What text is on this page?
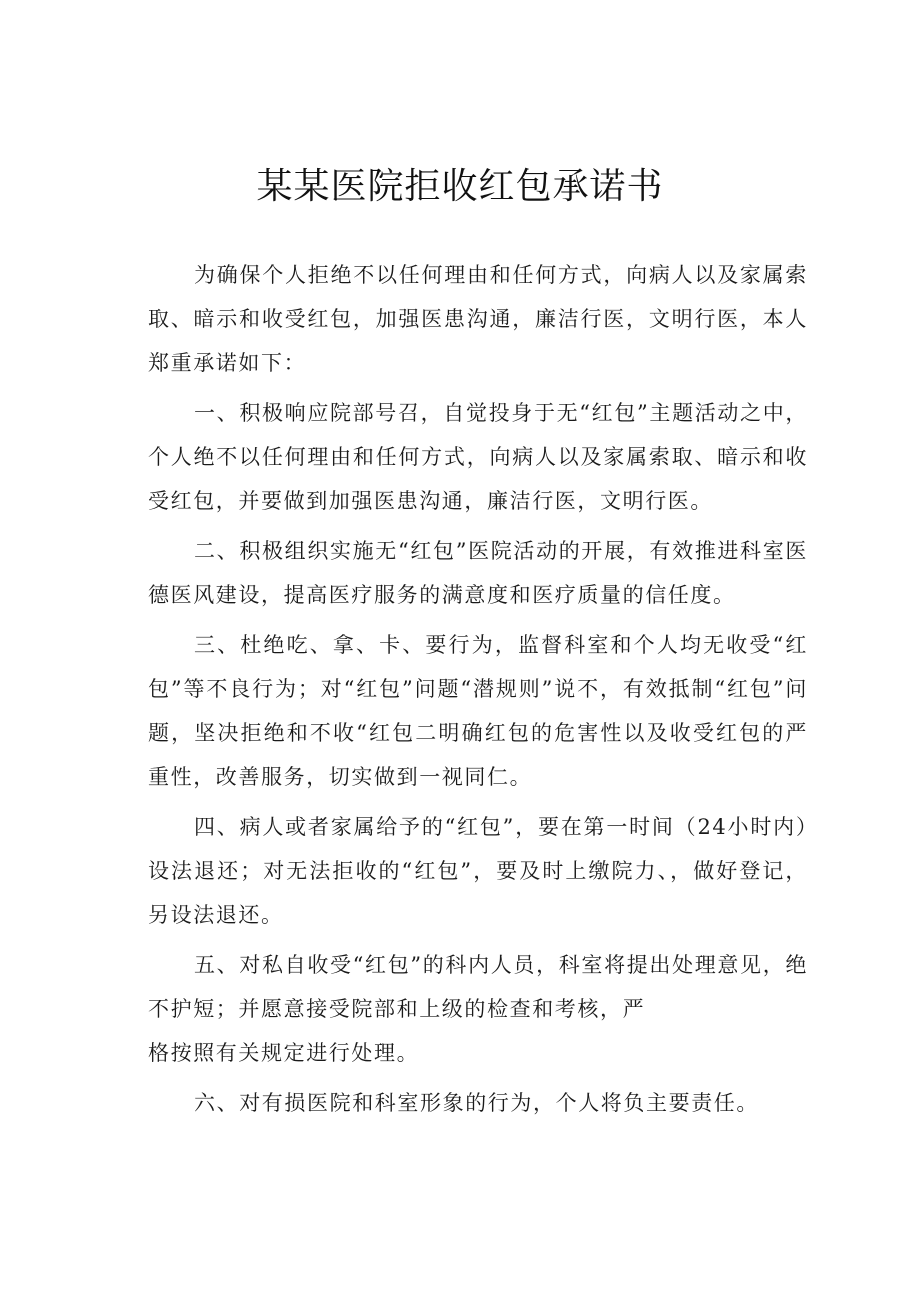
某某医院拒收红包承诺书

为确保个人拒绝不以任何理由和任何方式，向病人以及家属索取、暗示和收受红包，加强医患沟通，廉洁行医，文明行医，本人郑重承诺如下：

一、积极响应院部号召，自觉投身于无“红包”主题活动之中，个人绝不以任何理由和任何方式，向病人以及家属索取、暗示和收受红包，并要做到加强医患沟通，廉洁行医，文明行医。

二、积极组织实施无“红包”医院活动的开展，有效推进科室医德医风建设，提高医疗服务的满意度和医疗质量的信任度。

三、杜绝吃、拿、卡、要行为，监督科室和个人均无收受“红包”等不良行为；对“红包”问题“潜规则”说不，有效抵制“红包”问题，坚决拒绝和不收“红包二明确红包的危害性以及收受红包的严重性，改善服务，切实做到一视同仁。

四、病人或者家属给予的“红包”，要在第一时间（24小时内）设法退还；对无法拒收的“红包”，要及时上缴院力、，做好登记，另设法退还。

五、对私自收受“红包”的科内人员，科室将提出处理意见，绝不护短；并愿意接受院部和上级的检查和考核，严
格按照有关规定进行处理。

六、对有损医院和科室形象的行为，个人将负主要责任。
